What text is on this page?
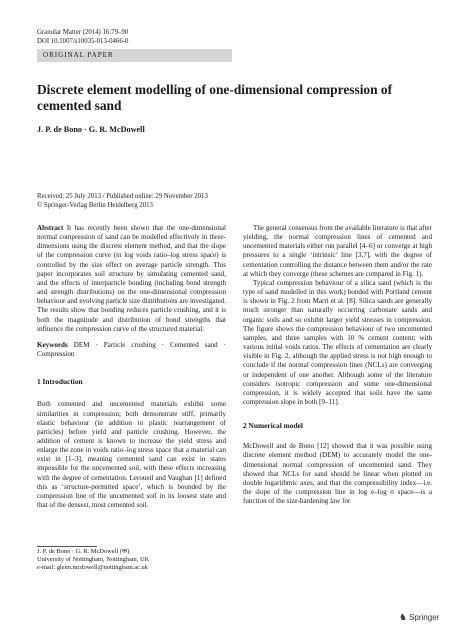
Granular Matter (2014) 16:79–90
DOI 10.1007/s10035-013-0466-0
ORIGINAL PAPER
Discrete element modelling of one-dimensional compression of cemented sand
J. P. de Bono · G. R. McDowell
Received: 25 July 2013 / Published online: 29 November 2013
© Springer-Verlag Berlin Heidelberg 2013

Abstract It has recently been shown that the one-dimensional normal compression of sand can be modelled effectively in three-dimensions using the discrete element method, and that the slope of the compression curve (in log voids ratio–log stress space) is controlled by the size effect on average particle strength. This paper incorporates soil structure by simulating cemented sand, and the effects of interparticle bonding (including bond strength and strength distributions) on the one-dimensional compression behaviour and evolving particle size distributions are investigated. The results show that bonding reduces particle crushing, and it is both the magnitude and distribution of bond strengths that influence the compression curve of the structured material.

Keywords DEM · Particle crushing · Cemented sand · Compression

1 Introduction

Both cemented and uncemented materials exhibit some similarities in compression; both demonstrate stiff, primarily elastic behaviour (in addition to plastic rearrangement of particles) before yield and particle crushing. However, the addition of cement is known to increase the yield stress and enlarge the zone in voids ratio–log stress space that a material can exist in [1–3], meaning cemented sand can exist in states impossible for the uncemented soil, with these effects increasing with the degree of cementation. Leroueil and Vaughan [1] defined this as ‘structure-permitted space’, which is bounded by the compression line of the uncemented soil in its loosest state and that of the densest, most cemented soil.

The general consensus from the available literature is that after yielding, the normal compression lines of cemented and uncemented materials either run parallel [4–6] or converge at high pressures to a single ‘intrinsic’ line [3,7], with the degree of cementation controlling the distance between them and/or the rate at which they converge (these schemes are compared in Fig. 1).

Typical compression behaviour of a silica sand (which is the type of sand modelled in this work) bonded with Portland cement is shown in Fig. 2 from Marri et al. [8]. Silica sands are generally much stronger than naturally occurring carbonate sands and organic soils and so exhibit larger yield stresses in compression. The figure shows the compression behaviour of two uncemented samples, and three samples with 10 % cement content; with various initial voids ratios. The effects of cementation are clearly visible in Fig. 2, although the applied stress is not high enough to conclude if the normal compression lines (NCLs) are converging or independent of one another. Although some of the literature considers isotropic compression and some one-dimensional compression, it is widely accepted that soils have the same compression slope in both [9–11].

2 Numerical model

McDowell and de Bono [12] showed that it was possible using discrete element method (DEM) to accurately model the one-dimensional normal compression of uncemented sand. They showed that NCLs for sand should be linear when plotted on double logarithmic axes, and that the compressibility index—i.e. the slope of the compression line in log e–log σ space—is a function of the size-hardening law for

J. P. de Bono · G. R. McDowell (✉)
University of Nottingham, Nottingham, UK
e-mail: glenn.mcdowell@nottingham.ac.uk
♞ Springer
